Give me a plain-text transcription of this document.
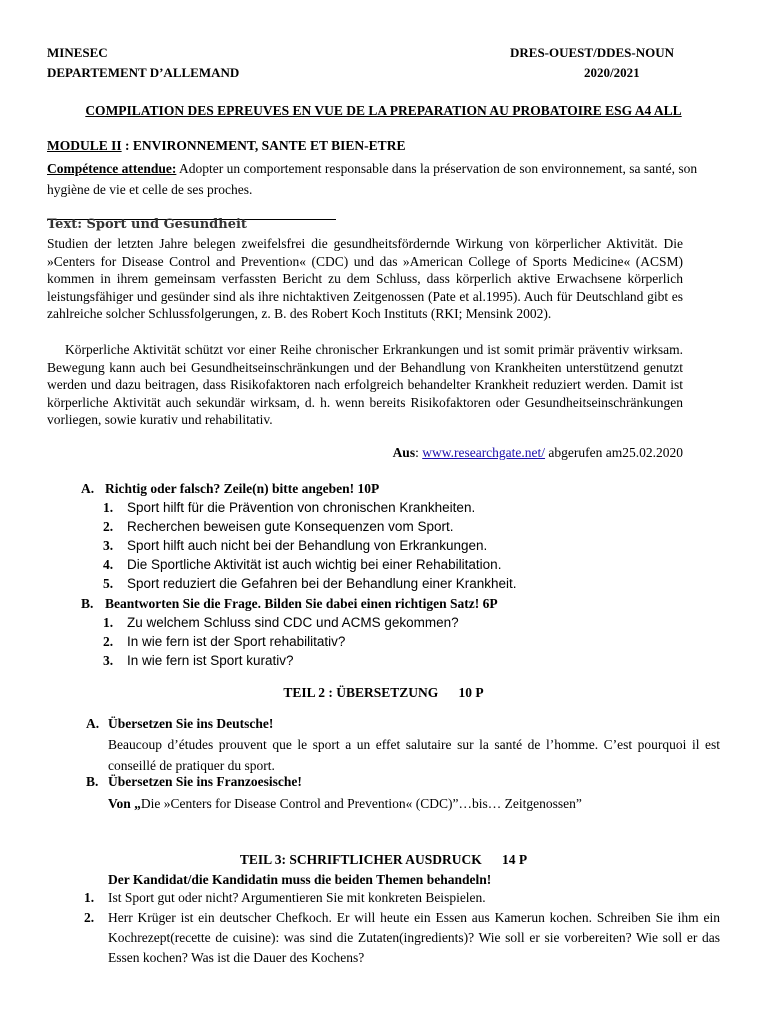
MINESEC
DEPARTEMENT D’ALLEMAND
DRES-OUEST/DDES-NOUN
2020/2021
COMPILATION DES EPREUVES EN VUE DE LA PREPARATION AU PROBATOIRE ESG A4 ALL
MODULE II : ENVIRONNEMENT, SANTE ET BIEN-ETRE
Compétence attendue: Adopter un comportement responsable dans la préservation de son environnement, sa santé, son hygiène de vie et celle de ses proches.
Text: Sport und Gesundheit
Studien der letzten Jahre belegen zweifelsfrei die gesundheitsfördernde Wirkung von körperlicher Aktivität. Die »Centers for Disease Control and Prevention« (CDC) und das »American College of Sports Medicine« (ACSM) kommen in ihrem gemeinsam verfassten Bericht zu dem Schluss, dass körperlich aktive Erwachsene körperlich leistungsfähiger und gesünder sind als ihre nichtaktiven Zeitgenossen (Pate et al.1995). Auch für Deutschland gibt es zahlreiche solcher Schlussfolgerungen, z. B. des Robert Koch Instituts (RKI; Mensink 2002).
Körperliche Aktivität schützt vor einer Reihe chronischer Erkrankungen und ist somit primär präventiv wirksam. Bewegung kann auch bei Gesundheitseinschränkungen und der Behandlung von Krankheiten unterstützend genutzt werden und dazu beitragen, dass Risikofaktoren nach erfolgreich behandelter Krankheit reduziert werden. Damit ist körperliche Aktivität auch sekundär wirksam, d. h. wenn bereits Risikofaktoren oder Gesundheitseinschränkungen vorliegen, sowie kurativ und rehabilitativ.
Aus: www.researchgate.net/ abgerufen am25.02.2020
A. Richtig oder falsch? Zeile(n) bitte angeben! 10P
1. Sport hilft für die Prävention von chronischen Krankheiten.
2. Recherchen beweisen gute Konsequenzen vom Sport.
3. Sport hilft auch nicht bei der Behandlung von Erkrankungen.
4. Die Sportliche Aktivität ist auch wichtig bei einer Rehabilitation.
5. Sport reduziert die Gefahren bei der Behandlung einer Krankheit.
B. Beantworten Sie die Frage. Bilden Sie dabei einen richtigen Satz! 6P
1. Zu welchem Schluss sind CDC und ACMS gekommen?
2. In wie fern ist der Sport rehabilitativ?
3. In wie fern ist Sport kurativ?
TEIL 2 : ÜBERSETZUNG      10 P
A. Übersetzen Sie ins Deutsche!
Beaucoup d’études prouvent que le sport a un effet salutaire sur la santé de l’homme. C’est pourquoi il est conseillé de pratiquer du sport.
B. Übersetzen Sie ins Franzoesische!
Von „Die »Centers for Disease Control and Prevention« (CDC)”…bis… Zeitgenossen”
TEIL 3: SCHRIFTLICHER AUSDRUCK      14 P
Der Kandidat/die Kandidatin muss die beiden Themen behandeln!
1. Ist Sport gut oder nicht? Argumentieren Sie mit konkreten Beispielen.
2. Herr Krüger ist ein deutscher Chefkoch. Er will heute ein Essen aus Kamerun kochen. Schreiben Sie ihm ein Kochrezept(recette de cuisine): was sind die Zutaten(ingredients)? Wie soll er sie vorbereiten? Wie soll er das Essen kochen? Was ist die Dauer des Kochens?
